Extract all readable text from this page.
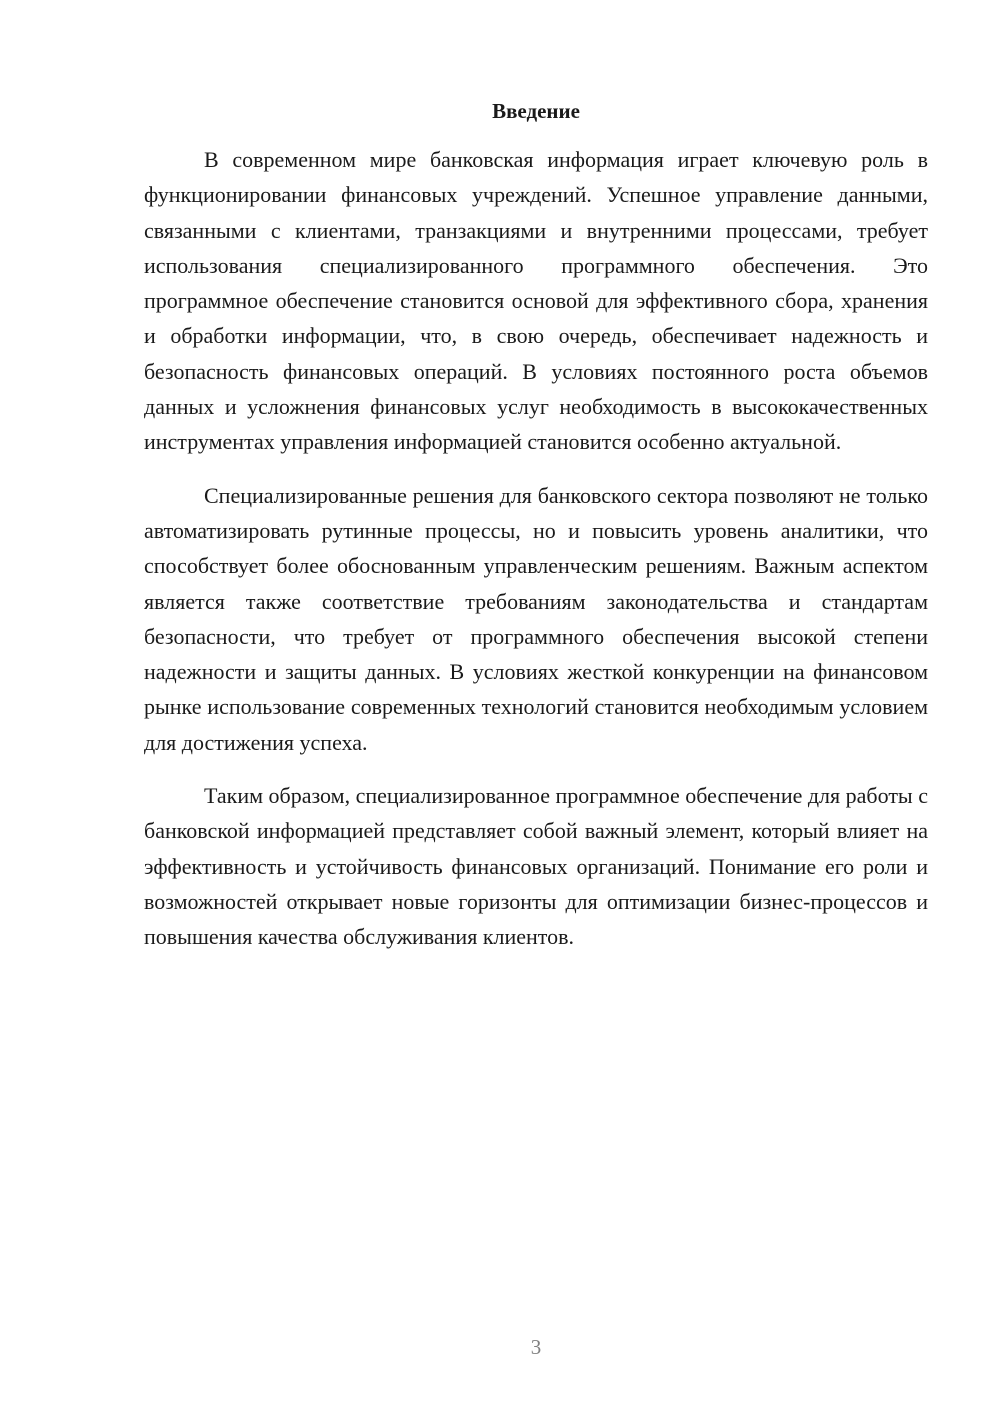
Введение

В современном мире банковская информация играет ключевую роль в функционировании финансовых учреждений. Успешное управление данными, связанными с клиентами, транзакциями и внутренними процессами, требует использования специализированного программного обеспечения. Это программное обеспечение становится основой для эффективного сбора, хранения и обработки информации, что, в свою очередь, обеспечивает надежность и безопасность финансовых операций. В условиях постоянного роста объемов данных и усложнения финансовых услуг необходимость в высококачественных инструментах управления информацией становится особенно актуальной.

Специализированные решения для банковского сектора позволяют не только автоматизировать рутинные процессы, но и повысить уровень аналитики, что способствует более обоснованным управленческим решениям. Важным аспектом является также соответствие требованиям законодательства и стандартам безопасности, что требует от программного обеспечения высокой степени надежности и защиты данных. В условиях жесткой конкуренции на финансовом рынке использование современных технологий становится необходимым условием для достижения успеха.

Таким образом, специализированное программное обеспечение для работы с банковской информацией представляет собой важный элемент, который влияет на эффективность и устойчивость финансовых организаций. Понимание его роли и возможностей открывает новые горизонты для оптимизации бизнес-процессов и повышения качества обслуживания клиентов.

3
